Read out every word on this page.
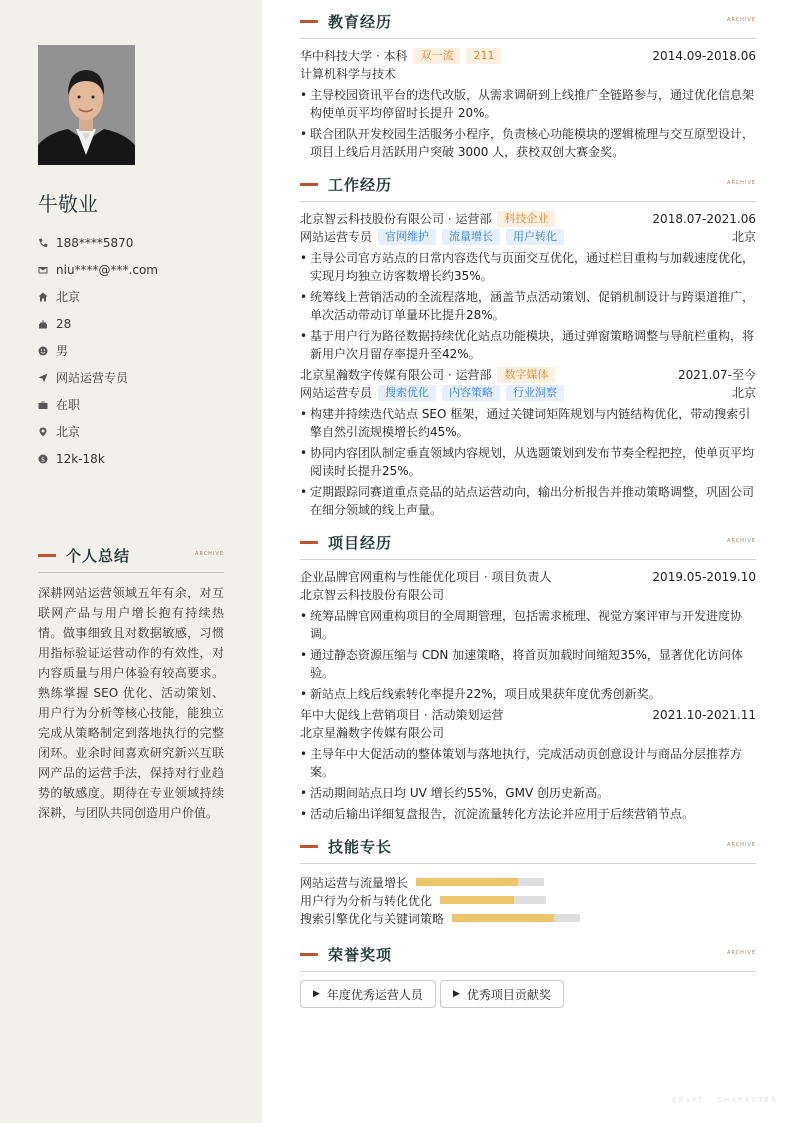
牛敬业
188****5870
niu****@***.com
北京
28
男
网站运营专员
在职
北京
$ 12k-18k
个人总结	ARCHIVE

深耕网站运营领域五年有余，对互联网产品与用户增长抱有持续热情。做事细致且对数据敏感，习惯用指标验证运营动作的有效性，对内容质量与用户体验有较高要求。熟练掌握 SEO 优化、活动策划、用户行为分析等核心技能，能独立完成从策略制定到落地执行的完整闭环。业余时间喜欢研究新兴互联网产品的运营手法，保持对行业趋势的敏感度。期待在专业领域持续深耕，与团队共同创造用户价值。

教育经历	ARCHIVE
华中科技大学 · 本科	双一流	211	2014.09-2018.06
计算机科学与技术
• 主导校园资讯平台的迭代改版，从需求调研到上线推广全链路参与，通过优化信息架构使单页平均停留时长提升 20%。
• 联合团队开发校园生活服务小程序，负责核心功能模块的逻辑梳理与交互原型设计，项目上线后月活跃用户突破 3000 人，获校双创大赛金奖。
工作经历	ARCHIVE
北京智云科技股份有限公司 · 运营部	科技企业	2018.07-2021.06
网站运营专员	官网维护	流量增长	用户转化	北京
• 主导公司官方站点的日常内容迭代与页面交互优化，通过栏目重构与加载速度优化，实现月均独立访客数增长约35%。
• 统筹线上营销活动的全流程落地，涵盖节点活动策划、促销机制设计与跨渠道推广，单次活动带动订单量环比提升28%。
• 基于用户行为路径数据持续优化站点功能模块，通过弹窗策略调整与导航栏重构，将新用户次月留存率提升至42%。
北京星瀚数字传媒有限公司 · 运营部	数字媒体	2021.07-至今
网站运营专员	搜索优化	内容策略	行业洞察	北京
• 构建并持续迭代站点 SEO 框架，通过关键词矩阵规划与内链结构优化，带动搜索引擎自然引流规模增长约45%。
• 协同内容团队制定垂直领域内容规划，从选题策划到发布节奏全程把控，使单页平均阅读时长提升25%。
• 定期跟踪同赛道重点竞品的站点运营动向，输出分析报告并推动策略调整，巩固公司在细分领域的线上声量。
项目经历	ARCHIVE
企业品牌官网重构与性能优化项目 · 项目负责人	2019.05-2019.10
北京智云科技股份有限公司
• 统筹品牌官网重构项目的全周期管理，包括需求梳理、视觉方案评审与开发进度协调。
• 通过静态资源压缩与 CDN 加速策略，将首页加载时间缩短35%，显著优化访问体验。
• 新站点上线后线索转化率提升22%，项目成果获年度优秀创新奖。
年中大促线上营销项目 · 活动策划运营	2021.10-2021.11
北京星瀚数字传媒有限公司
• 主导年中大促活动的整体策划与落地执行，完成活动页创意设计与商品分层推荐方案。
• 活动期间站点日均 UV 增长约55%，GMV 创历史新高。
• 活动后输出详细复盘报告，沉淀流量转化方法论并应用于后续营销节点。
技能专长	ARCHIVE
网站运营与流量增长

用户行为分析与转化优化
搜索引擎优化与关键词策略
荣誉奖项	ARCHIVE
▶ 年度优秀运营人员	▶ 优秀项目贡献奖
CRAFT · CHARACTER
